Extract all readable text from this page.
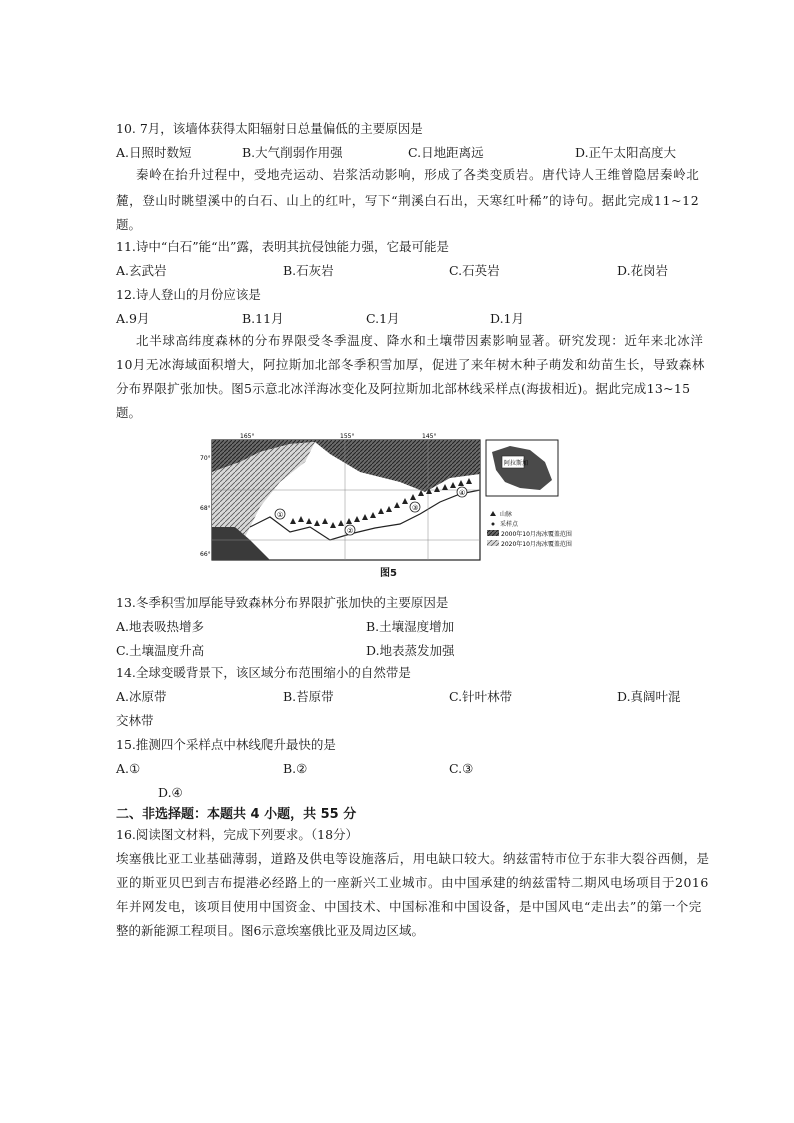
10. 7月，该墙体获得太阳辐射日总量偏低的主要原因是
A.日照时数短	B.大气削弱作用强	C.日地距离远	D.正午太阳高度大
秦岭在抬升过程中，受地壳运动、岩浆活动影响，形成了各类变质岩。唐代诗人王维曾隐居秦岭北
麓，登山时眺望溪中的白石、山上的红叶，写下“荆溪白石出，天寒红叶稀”的诗句。据此完成11~12
题。
11.诗中“白石”能“出”露，表明其抗侵蚀能力强，它最可能是
A.玄武岩	B.石灰岩	C.石英岩	D.花岗岩
12.诗人登山的月份应该是
A.9月	B.11月	C.1月	D.1月
北半球高纬度森林的分布界限受冬季温度、降水和土壤带因素影响显著。研究发现：近年来北冰洋
10月无冰海域面积增大，阿拉斯加北部冬季积雪加厚，促进了来年树木种子萌发和幼苗生长，导致森林
分布界限扩张加快。图5示意北冰洋海冰变化及阿拉斯加北部林线采样点(海拔相近)。据此完成13~15
题。
①
②
③
④
165°	155°	145°
70°
68°
66°
阿拉斯加
山脉
采样点
2000年10月海冰覆盖范围
2020年10月海冰覆盖范围
图5
13.冬季积雪加厚能导致森林分布界限扩张加快的主要原因是
A.地表吸热增多	B.土壤湿度增加
C.土壤温度升高	D.地表蒸发加强
14.全球变暖背景下，该区域分布范围缩小的自然带是
A.冰原带	B.苔原带	C.针叶林带	D.真阔叶混
交林带
15.推测四个采样点中林线爬升最快的是
A.①	B.②	C.③
D.④
二、非选择题：本题共 4 小题，共 55 分
16.阅读图文材料，完成下列要求。（18分）
埃塞俄比亚工业基础薄弱，道路及供电等设施落后，用电缺口较大。纳兹雷特市位于东非大裂谷西侧，是
亚的斯亚贝巴到吉布提港必经路上的一座新兴工业城市。由中国承建的纳兹雷特二期风电场项目于2016
年并网发电，该项目使用中国资金、中国技术、中国标准和中国设备，是中国风电“走出去”的第一个完
整的新能源工程项目。图6示意埃塞俄比亚及周边区域。
